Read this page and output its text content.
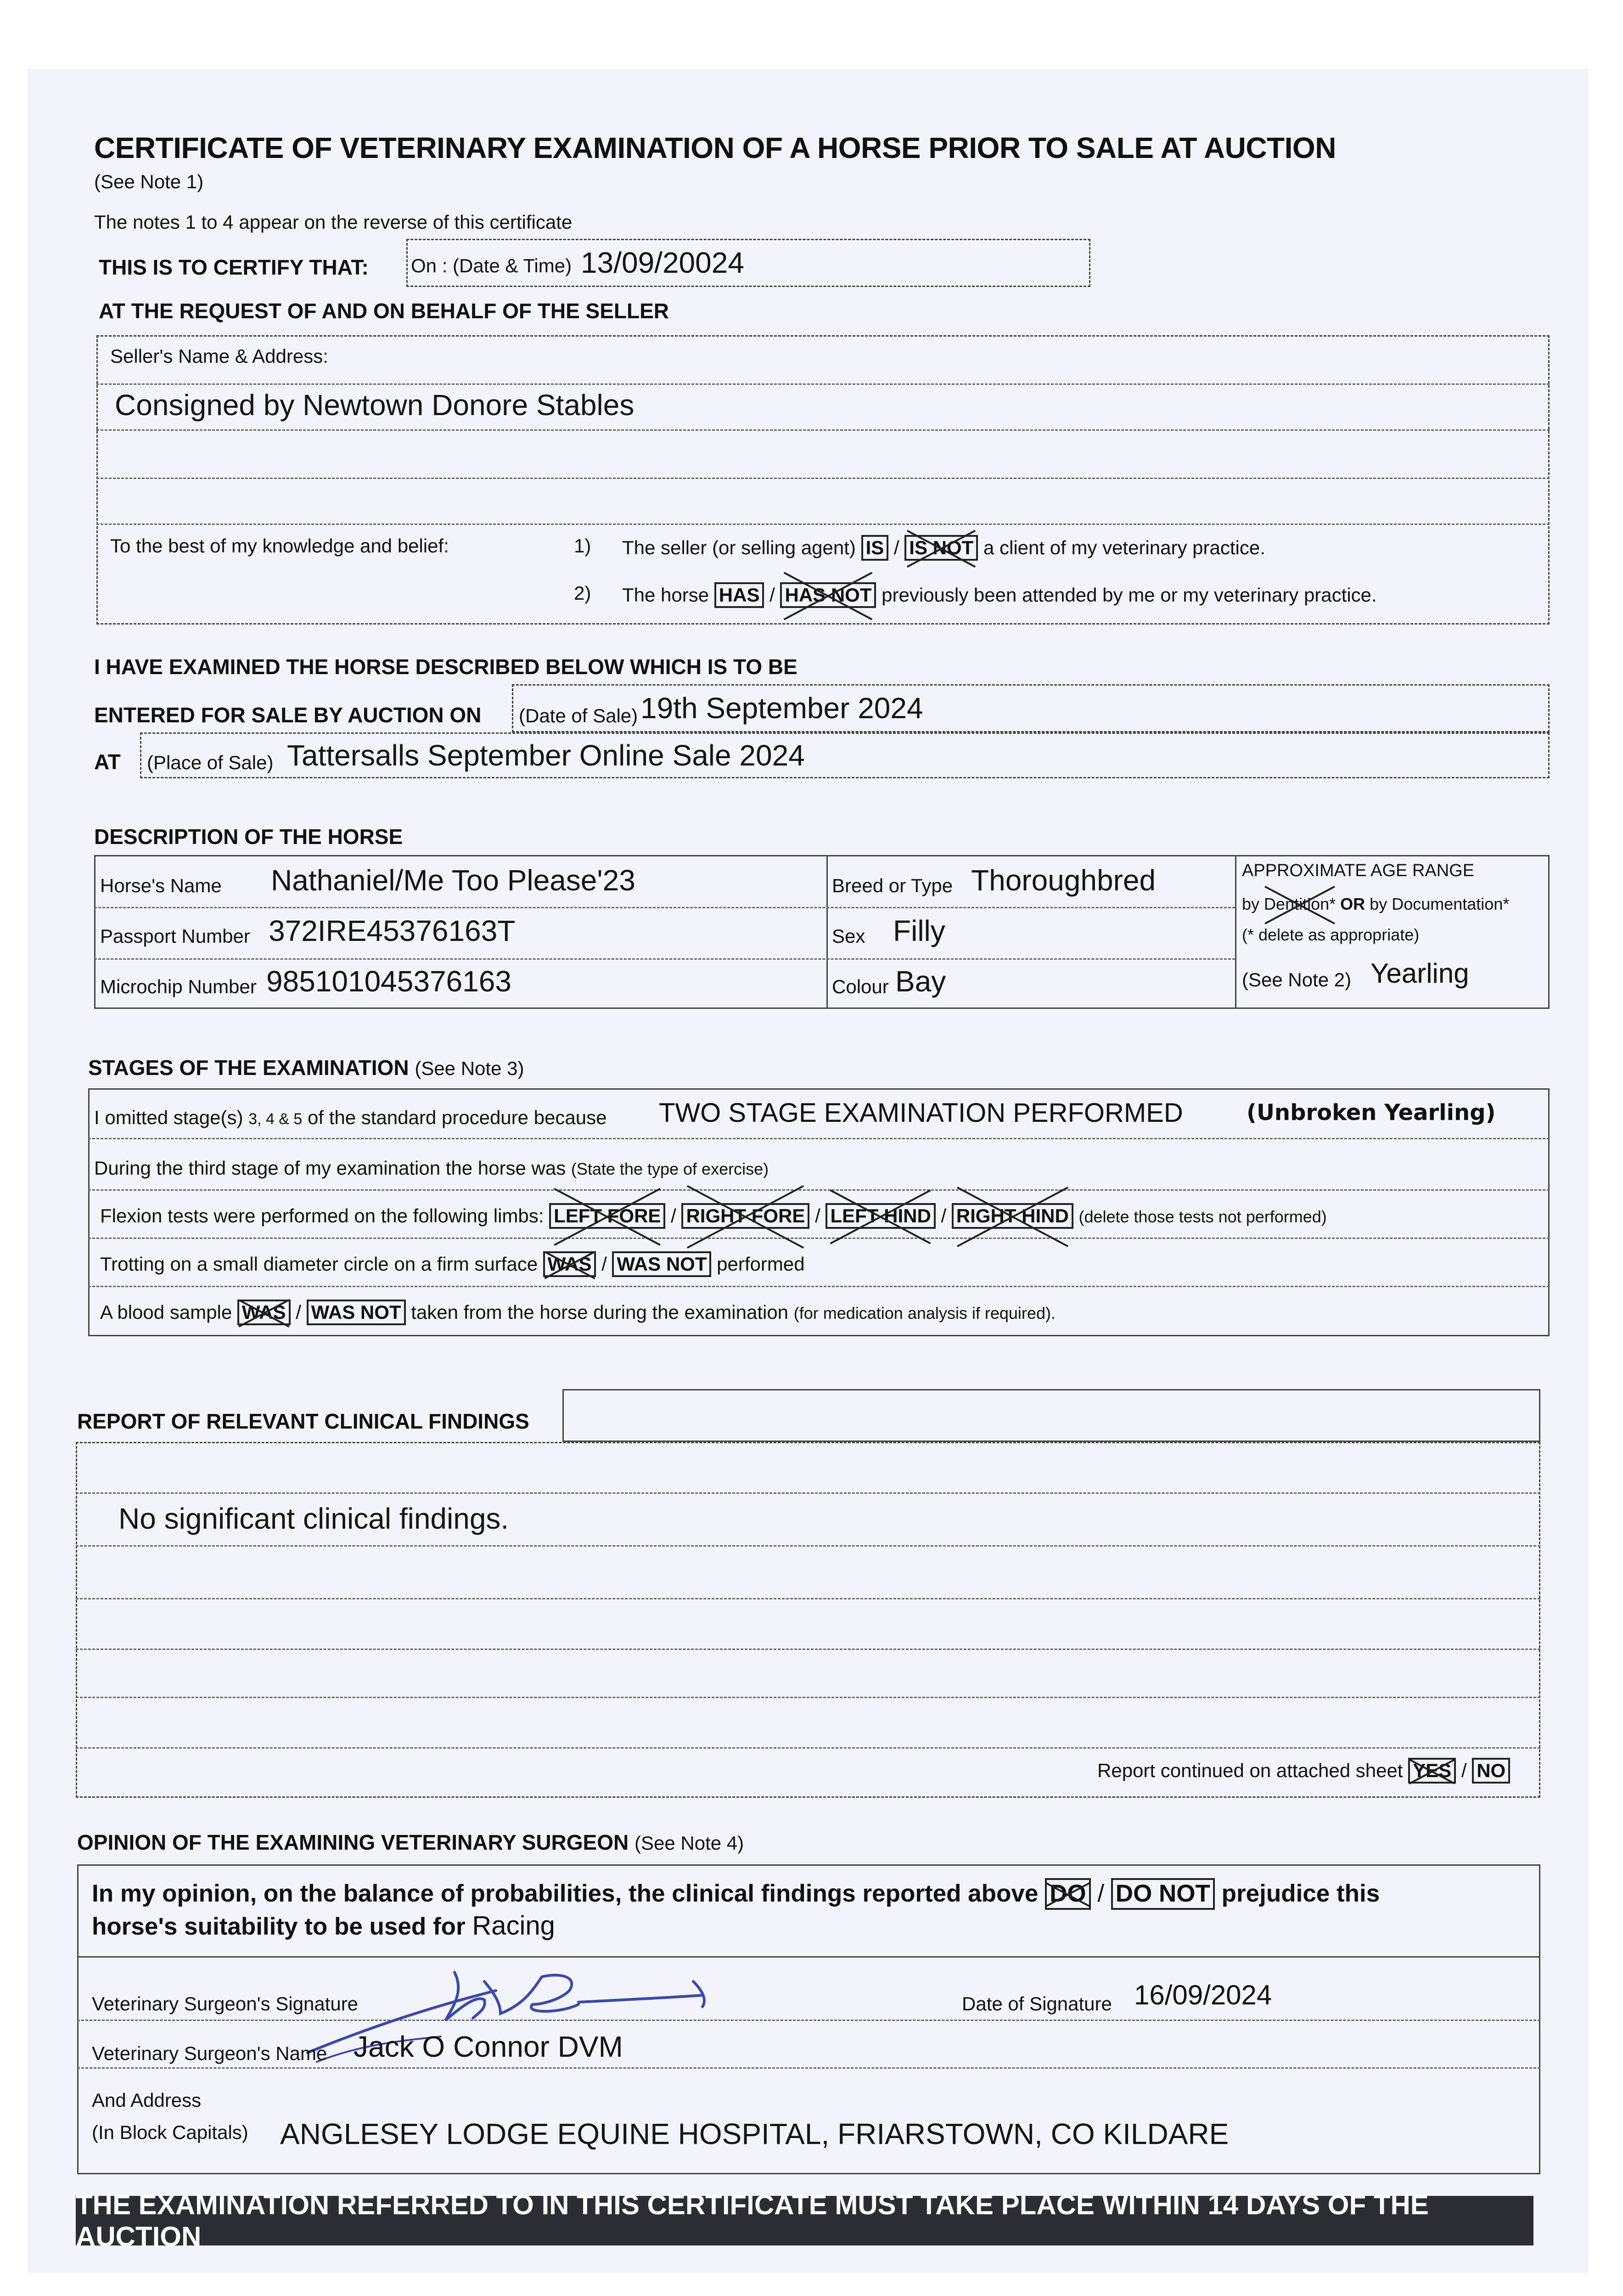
CERTIFICATE OF VETERINARY EXAMINATION OF A HORSE PRIOR TO SALE AT AUCTION
(See Note 1)
The notes 1 to 4 appear on the reverse of this certificate
THIS IS TO CERTIFY THAT: On : (Date & Time) 13/09/20024
AT THE REQUEST OF AND ON BEHALF OF THE SELLER
Seller's Name & Address:
Consigned by Newtown Donore Stables
To the best of my knowledge and belief:	1) The seller (or selling agent) IS / IS NOT a client of my veterinary practice.
2) The horse HAS / HAS NOT previously been attended by me or my veterinary practice.
I HAVE EXAMINED THE HORSE DESCRIBED BELOW WHICH IS TO BE
ENTERED FOR SALE BY AUCTION ON (Date of Sale) 19th September 2024
AT (Place of Sale) Tattersalls September Online Sale 2024
DESCRIPTION OF THE HORSE
Horse's Name Nathaniel/Me Too Please'23
Passport Number 372IRE45376163T
Microchip Number 985101045376163
Breed or Type Thoroughbred
Sex Filly
Colour Bay
APPROXIMATE AGE RANGE
by Dentition* OR by Documentation*
(* delete as appropriate)
(See Note 2) Yearling
STAGES OF THE EXAMINATION (See Note 3)
I omitted stage(s) 3, 4 & 5 of the standard procedure because TWO STAGE EXAMINATION PERFORMED	(Unbroken Yearling)
During the third stage of my examination the horse was (State the type of exercise)
Flexion tests were performed on the following limbs: LEFT FORE / RIGHT FORE / LEFT HIND / RIGHT HIND (delete those tests not performed)
Trotting on a small diameter circle on a firm surface WAS / WAS NOT performed
A blood sample WAS / WAS NOT taken from the horse during the examination (for medication analysis if required).
REPORT OF RELEVANT CLINICAL FINDINGS
No significant clinical findings.
Report continued on attached sheet YES / NO
OPINION OF THE EXAMINING VETERINARY SURGEON (See Note 4)
In my opinion, on the balance of probabilities, the clinical findings reported above DO / DO NOT prejudice this
horse's suitability to be used for Racing
Veterinary Surgeon's Signature	Date of Signature 16/09/2024
Veterinary Surgeon's Name Jack O Connor DVM
And Address
(In Block Capitals) ANGLESEY LODGE EQUINE HOSPITAL, FRIARSTOWN, CO KILDARE
THE EXAMINATION REFERRED TO IN THIS CERTIFICATE MUST TAKE PLACE WITHIN 14 DAYS OF THE AUCTION
